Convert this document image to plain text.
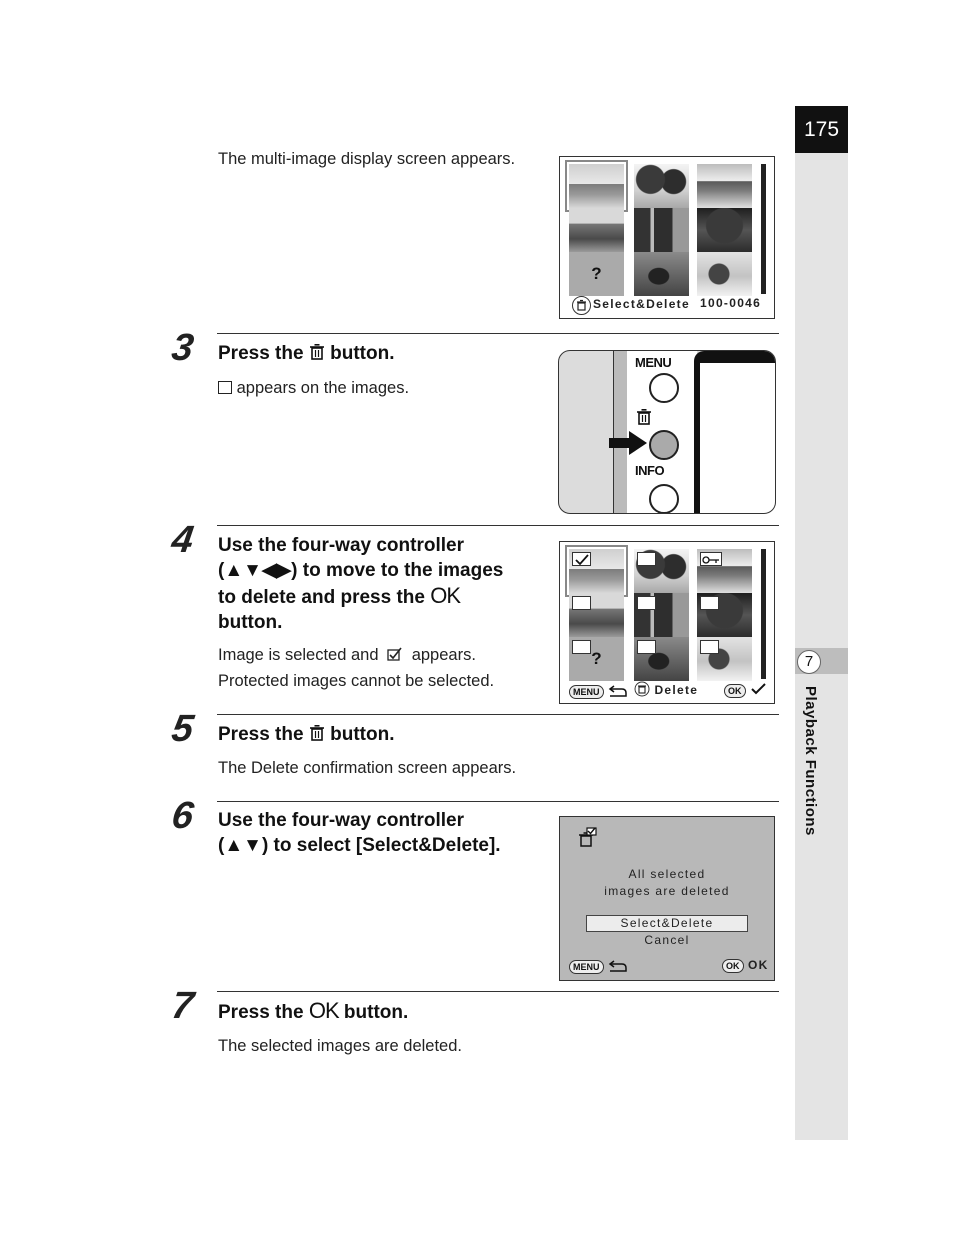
175
7
Playback Functions
The multi-image display screen appears.
?
Select&Delete 100-0046
3 Press the button.
appears on the images.
MENU
INFO
4 Use the four-way controller
(▲▼◀▶) to move to the images
to delete and press the OK
button.
Image is selected and appears.
Protected images cannot be selected.
?
MENU	Delete	OK
5 Press the button.
The Delete confirmation screen appears.
6 Use the four-way controller
(▲▼) to select [Select&Delete].
All selected
images are deleted
Select&Delete
Cancel
MENU	OK OK
7 Press the OK button.
The selected images are deleted.
